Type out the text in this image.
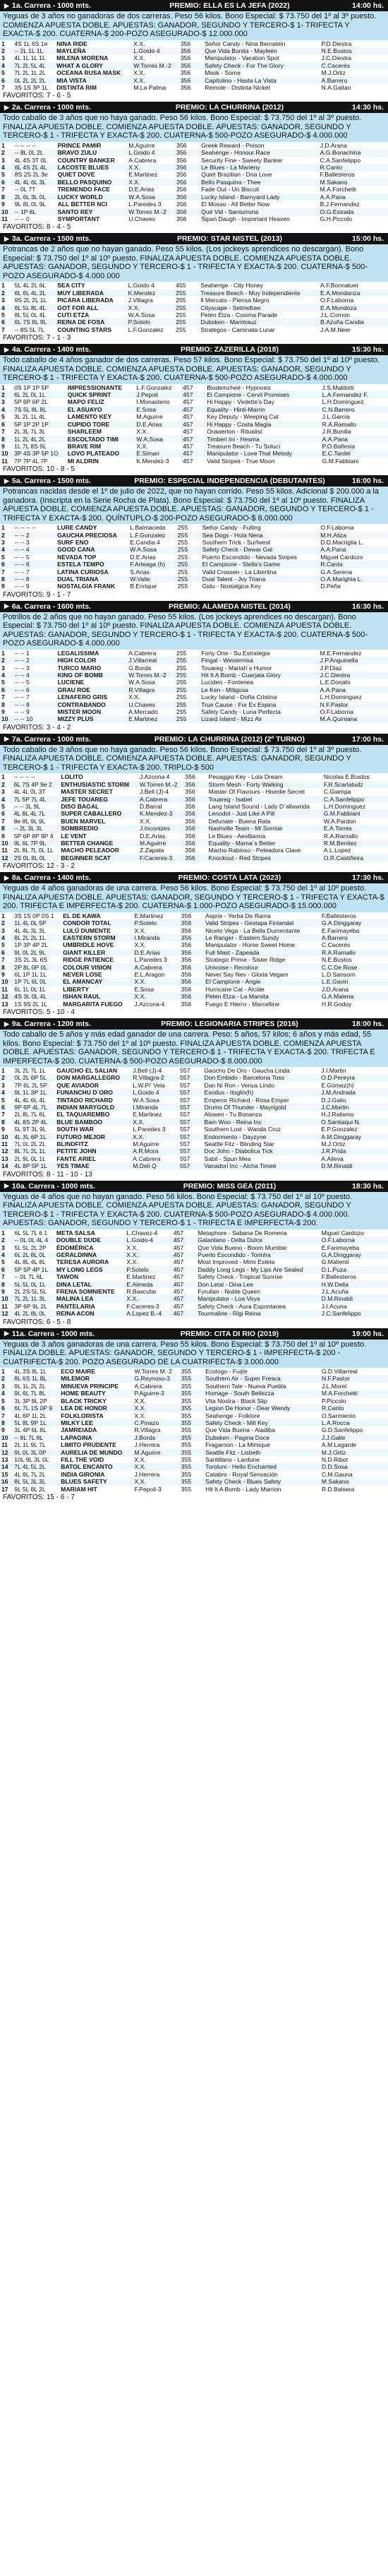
▶ 1a. Carrera - 1000 mts.	PREMIO: ELLA ES LA JEFA (2022)	14:00 hs.
Yeguas de 3 años no ganadoras de dos carreras. Peso 56 kilos. Bono Especial: $ 73.750 del 1º al 3º puesto. COMIENZA APUESTA DOBLE. APUESTAS: GANADOR, SEGUNDO Y TERCERO-$ 1- TRIFECTA Y EXACTA-$ 200. CUATERNA-$ 200-POZO ASEGURADO-$ 12.000.000
1	4S 1L 6S 1e	NINA RIDE	X.X.	356	Señor Candy - Nina Bernstein	P.D.Diestra
2	-- 2L 1L 1L	MAYLEÑA	L.Goido 4	356	Que Vida Bonita - Mayleen	N.E.Bustos
3	4L 1L 1L 1L	MILENA MORENA	X.X.	356	Manipulator - Vacation Spot	J.C.Diestra
4	7L 2L 5L 4L	WHAT A GLORY	W.Torres M.-2	356	Safety Check - For The Glory	C.Cacerès
5	7L 2L 1L 2L	OCEANA RUSA MASK	X.X.	356	Mask - Some	M.J.Ortiz
6	0L 2L 2L 2L	MIA VISTA	X.X.	356	Capitolino - Hasta La Vista	A.Barrero
7	3S 1S 3P 1L	DISTINTA RIM	M.La Palma	356	Remote - Distinta Nickel	N.A.Gaitan
FAVORITOS: 7 - 6 - 5
▶ 2a. Carrera - 1000 mts.	PREMIO: LA CHURRINA (2012)	14:30 hs.
Todo caballo de 3 años que no haya ganado. Peso 56 kilos. Bono Especial: $ 73.750 del 1º al 3º puesto. FINALIZA APUESTA DOBLE. COMIENZA APUESTA DOBLE. APUESTAS: GANADOR, SEGUNDO Y TERCERO-$ 1 - TRIFECTA Y EXACTA-$ 200. CUATERNA-$ 500-POZO ASEGURADO-$ 4.000.000
1	-- -- -- --	PRINCE PAMIR	M.Aguirre	356	Greek Reward - Poison	J.D.Arana
2	-- 8L 0L 2L	BRAVO ZULU	L.Goido 4	356	Seahenge - Honour Race	A.G.Bonachina
3	4L 4S 3T 0L	COUNTRY BANKER	A.Cabrera	356	Security Fine - Sweety Banker	C.A.Sanfelippo
4	6L 4S 2L 4L	LACOSTE BLUES	X.X.	356	Le Blues - La Marieny	R.Canto
5	8S 2S 2L 3e	QUIET DOVE	E.Martinez	356	Quiet Brazilian - Dna Love	F.Ballesteros
6	4L 4L 6L 3L	BELLO PASQUINO	X.X.	356	Bello Pasquino - Thee	M.Sakano
7	-- 0L 7T	TREMENDO FACE	D.E.Arias	356	Fade Out - Un Biscuit	M.A.Forchetti
8	2L 6L 3L 0L	LUCKY WORLD	W.A.Sosa	356	Lucky Island - Barnyard Lady	A.A.Pana
9	9L 8L 0L 9L	ALL BETTER NCI	L.Paredes 3	356	El Mosso - All Better Now	B.J.Fernandez
10	-- 1P 6L	SANTO REY	W.Torres M.-2	356	Qué Vid - Santurrona	O.G.Estrada
11	-- -- 0	SYMPORTANT	U.Chaves	356	Sipan Daugh - Important Heaven	G.H.Piccolo
FAVORITOS: 8 - 4 - 5
▶ 3a. Carrera - 1500 mts.	PREMIO: STAR NISTEL (2013)	15:00 hs.
Potrancas de 2 años que no hayan ganado. Peso 55 kilos. (Los jockeys aprendices no descargan). Bono Especial: $ 73.750 del 1º al 10º puesto. FINALIZA APUESTA DOBLE. COMIENZA APUESTA DOBLE. APUESTAS: GANADOR, SEGUNDO Y TERCERO-$ 1 - TRIFECTA Y EXACTA-$ 200. CUATERNA-$ 500-POZO ASEGURADO-$ 4.000.000
1	5L 4L 2L 6L	SEA CITY	L.Goido 4	455	Seahenge - City Honey	A.F.Bonnatuer
2	6L 6L 4L 2L	MUY LIBERADA	K.Mendez	255	Treasure Beach - Muy Independiente	E.A.Mondanza
3	9S 2L 2L 1L	PICARA LIBERADA	J.Villagra	255	Il Mercato - Piensa Negro	O.F.Laborna
4	6L 5L 8L 4L	GOT FOR ALL	X.X.	255	Cityscape - Setmefree	E.A.Mondoza
5	8L 5L 0L 4L	CUTI ETZA	W.A.Sosa	255	Peten Etza - Cosima Parade	J.L.Cornon
6	6L 7S 8L 9L	REINA DE FOSA	P.Sotelo	255	Dubsken - Mamtrauz	B.Azuña Candia
7	-- 8S 5L 7L	COUNTING STARS	L.F.Gonzalez	255	Strategos - Caminata Lunar	J.A.M.Neer
FAVORITOS: 7 - 1 - 3
▶ 4a. Carrera - 1400 mts.	PREMIO: ZAZERILLA (2018)	15:30 hs.
Todo caballo de 4 años ganador de dos carreras. Peso 57 kilos. Bono Especial: $ 73.750 del 1º al 10º puesto. FINALIZA APUESTA DOBLE. COMIENZA APUESTA DOBLE. APUESTAS: GANADOR, SEGUNDO Y TERCERO-$ 1 - TRIFECTA Y EXACTA-$ 200. CUATERNA-$ 500-POZO ASEGURADO-$ 4.000.000
1	0S 1P 1P 5P	IMPRESSIONANTE	L.F.Gonzalez	457	Biodemcheé - Hypnosis	J.S.Maldotti
2	6L 2L 0L 1L	QUICK SPRINT	J.Pepoli	457	El Campione - Cervil Promises	L.A.Fernandez F.
3	5P 6P 6P 2L	MAPO FELIZ	I.Monasterio	457	Hi Happy - Vedette's Day	L.H.Dominguez
4	7S 5L 8L 8L	EL ASUAYO	E.Sosa	457	Equality - Hinti-Marrin	C.N.Barrero
5	3L 2L 1L 4L	LAMENTO KEY	M.Aguirre	457	Key Deputy - Weeping Cat	J.L.Garcia
6	5P 1P 2P 1P	CUPIDO TORE	D.E.Arias	457	Hi Happy - Costa Magia	R.A.Ramallo
7	2L 3L 7L 3L	SHARLEEM	X.X.	457	Orawerton - Ritualist	J.R.Bunilla
8	1L 2L 4L 2L	ESCOLTADO TIMI	W.A.Sosa	457	Timberi Ini - Hesma	A.A.Pana
9	1L 7L 8S 9L	BRAVE RIM	X.X.	457	Treasure Beach - Tu Solucí	P.O.Baltesia
10	3P 4S 3P 5P 1O	LOVO PLATEADO	E.Simari	457	Manipulator - Love That Melody	E.C.Tardel
11	7P 7P 4L 7P	MI ALDRIN	K.Mendez-3	457	Valid Stripes - True Moon	G.M.Fabbiani
FAVORITOS: 10 - 8 - 5
▶ 5a. Carrera - 1500 mts.	PREMIO: ESPECIAL INDEPENDENCIA (DEBUTANTES)	16:00 hs.
Potrancas nacidas desde el 1º de julio de 2022, que no hayan corrido. Peso 55 kilos. Adicional $ 200.000 a la ganadora. (Inscripta en la Serie Rocha de Plata). Bono Especial: $ 73.750 del 1º al 10º puesto. FINALIZA APUESTA DOBLE. COMIENZA APUESTA DOBLE. APUESTAS: GANADOR, SEGUNDO Y TERCERO-$ 1 - TRIFECTA Y EXACTA-$ 200. QUÍNTUPLO-$ 200-POZO ASEGURADO-$ 8.000.000
1	-- -- -- --	LURE CANDY	L.Balmaceda	255	Señor Candy - Fulling	O.F.Laborna
2	-- -- 2	GAUCHA PRECIOSA	L.F.Gonzalez	255	Sea Dogs - Hola Nena	M.H.Aliza
3	-- -- 3	SURF ENO	E.Candia 4	255	Southern Trick - Surfwest	D.D.Macriglia L.
4	-- -- 4	GOOD CANA	W.A.Sosa	255	Safety Check - Dewar Gal	A.A.Pana
5	-- -- 5	NEVADA TOP	D.E.Arias	255	Puerto Escondido - Nevada Stripes	Miguel Cardozo
6	-- -- 6	ESTELA TEMPO	F.Arteaga (h)	255	El Campione - Stella's Game	R.Canto
7	-- -- 7	LATINA CURIOSA	S.Arias	255	Valid Crossen - La Libertina	G.A.Serena
8	-- -- 8	DUAL TRIANA	W.Valle	255	Dual Talent - Jvy Triana	O.A.Marighia L.
9	-- -- 9	NOSTALGIA FRANK	B.Enrique	255	Gidu - Nostalgica Key	D.Peña
FAVORITOS: 9 - 1 - 7
▶ 6a. Carrera - 1600 mts.	PREMIO: ALAMEDA NISTEL (2014)	16:30 hs.
Potrillos de 2 años que no hayan ganado. Peso 55 kilos. (Los jockeys aprendices no descargan). Bono Especial: $ 73.750 del 1º al 10º puesto. FINALIZA APUESTA DOBLE. COMIENZA APUESTA DOBLE. APUESTAS: GANADOR, SEGUNDO Y TERCERO-$ 1 - TRIFECTA Y EXACTA-$ 200. CUATERNA-$ 500-POZO ASEGURADO-$ 4.000.000
1	-- -- 1	LEGALISSIMA	A.Cabrera	255	Forty One - Su Estrategia	M.E.Fernandez
2	-- -- 2	HIGH COLOR	J.Villarreal	255	Fingal - Westernisa	J.P.Anguinella
3	-- -- 3	TURCO MARIO	G.Borda	255	Touareg - Mariah´s Humor	J.P.Diaz
4	-- -- 4	KING OF BOMB	W.Torres M.-2	255	Hit It A Bomb - Cuarjata Glory	J.C.Diestra
5	-- -- 5	LUCIENE	W.A.Sosa	255	Luciden - Fontenea	L.E.Donato
6	-- -- 6	GRAU ROE	R.Villagra	255	Le Ken - Mitigosa	A.A.Pana
7	-- -- 7	LENAFERO GRIS	X.X.	255	Lucky Island - Doña Cristina	L.H.Dominguez
8	-- -- 8	CONTRABANDO	U.Chaves	255	True Cause - For Ex Espina	N.F.Pastor
9	-- -- 9	MISTER MOON	A.Mercado	255	Safety Candy - Luna Perfecta	O.F.Laborna
10	-- -- 10	MIZZY PLUS	E.Martinez	255	Lizard Island - Mizz Air	M.A.Quintana
FAVORITOS: 3 - 4 - 2
▶ 7a. Carrera - 1000 mts.	PREMIO: LA CHURRINA (2012) (2º TURNO)	17:00 hs.
Todo caballo de 3 años que no haya ganado. Peso 56 kilos. Bono Especial: $ 73.750 del 1º al 3º puesto. FINALIZA APUESTA DOBLE. COMIENZA APUESTA DOBLE. APUESTAS: GANADOR, SEGUNDO Y TERCERO-$ 1 - TRIFECTA Y EXACTA-$ 200. TRIPLO-$ 500
1	-- -- -- --	LOLITO	J.Azcona 4	356	Pesaggio Key - Lola Dream	Nicolas E.Bustos
2	6L 7S 4P 9e 2	ENTHUSIASTIC STORM	W.Torres M.-2	356	Storm Mesh - Forty Walking	F.R.Scarlatudz
3	4L 4L 0L 3T	MASTER SECRET	J.Bell (J)-4	356	Master Of Flavours - Hisedie Secret	C.Giampa
4	7L 5P 7L 4L	JEFE TOUAREG	A.Cabrera	356	Touareg - Isabel	C.A.Sanfelippo
5	-- -- 3L 9L	DISO BAGAL	D.Barral	356	Lang Island Sound - Lady D´allawrida	L.H.Dominguez
6	4L 8L 4L 7L	SUPER CABALLERO	K.Mendez-3	356	Lenodot - Just Like A Pill	G.M.Fabbiani
7	8e 8L 9L 9L	BUEN MARVEL	X.X.	356	Defunate - Buena Rata	W.A.Pardon
8	-- 2L 3L 3L	SOMBREDIO	J.Inconizes	356	Nashville Team - Mi Sorriúe	E.A.Torres
9	5P 6P 8P 9P 4	LE VENT	D.E.Arias	356	Le Blues - Aeollianna	R.A.Ramallo
10	9L 6L 7P 9L	BETTER CHANGE	M.Aguirre	356	Equality - Mama´s Better	R.M.Benitez
11	2L 8L 7L 0L 1L	MACHO PELEADOR	Z.Zapata	356	Macho Rabioso - Peleadora Clave	A.L.Lopez
12	2S 0L 8L 0L	BEGINNER SCAT	F.Caceres-3	356	Knockout - Red Stripes	O.R.Castiñeira
FAVORITOS: 12 - 3 - 2
▶ 8a. Carrera - 1400 mts.	PREMIO: COSTA LATA (2023)	17:30 hs.
Yeguas de 4 años ganadoras de una carrera. Peso 56 kilos. Bono Especial: $ 73.750 del 1º al 10º puesto. FINALIZA APUESTA DOBLE. APUESTAS: GANADOR, SEGUNDO Y TERCERO-$ 1 - TRIFECTA Y EXACTA-$ 200. TRIFECTA E IMPERFECTA-$ 200. CUATERNA-$ 1.000-POZO ASEGURADO-$ 15.000.000
1	3S 1S 0P 0S 1	EL DE KAWA	E.Martinez	356	Asprie - Yerba De Rama	F.Ballesteros
2	1L 4L 0L 5P	CONDOR TOTAL	P.Sotelo	356	Valid Stripes - Gestapa Finlandal	G.A.Dinggaray
3	4L 4L 3L 3L	LULÚ DUMENTE	X.X.	356	Niceto Vega - La Bella Dumentante	E.Farimayeba
4	8L 2L 2L 1L	EASTERN STORM	I.Miranda	356	Le Ranger - Eastern Sundy	A.Barrero
5	1P 3P 4P 2L	UMBRIDLE HOVE	X.X.	356	Manipulator - Home Sweet Home	C.Cacerès
6	9L 0L 2L 9L	GIANT KILLER	D.E.Arias	356	Full Mast - Zapeada	R.A.Ramallo
7	3S 2L 3L 6S	RIDGE PATIENCE	L.Paredes 3	356	Strategic Prime - Sister Ridge	N.E.Bustos
8	2P 8L 0P 0L	COLOUR VISION	A.Cabrera	356	Univoise - Recolour	C.C.De Rose
9	6L 1P 1L 1L	NEVER LOSE	E.L.Aragon	356	Never Say Nev - Gloria Vegam	L.D.Sansorn
10	1P 7L 6L 0L	EL AMANCAY	X.X.	356	El Campione - Angie	L.E.Gaviri
11	6L 1L 0L 1L	LIBERTY	E.Sosa	356	Hurricane Cat - Alcide	J.D.Arana
12	4S 3L 0L 4L	ISHAN RAUL	X.X.	356	Peten Etza - La Mamita	G.A.Malena
13	1S 9S 2L 1L	MARGARITA FUEGO	J.Azcona-4	356	Fuego E Hierro - Marcelline	H.R.Godoy
FAVORITOS: 5 - 10 - 4
▶ 9a. Carrera - 1200 mts.	PREMIO: LEGIONARIA STRIPES (2016)	18:00 hs.
Todo caballo de 5 años y más edad ganador de una carrera. Peso: 5 años, 57 kilos; 6 años y más edad, 55 kilos. Bono Especial: $ 73.750 del 1º al 10º puesto. FINALIZA APUESTA DOBLE. COMIENZA APUESTA DOBLE. APUESTAS: GANADOR, SEGUNDO Y TERCERO-$ 1 - TRIFECTA Y EXACTA-$ 200. TRIFECTA E IMPERFECTA-$ 200. CUATERNA-$ 500-POZO ASEGURADO-$ 8.000.000
1	3L 2L 7L 1L	GAUCHO EL SALIAN	J.Bell (J)-4	557	Gaúcho De Oro - Gaucha Linda	J.I.Martin
2	0L 2L 6P 5L	DON MARGALLEGRO	R.Villagra-2	557	Don Embido - Barcelona Toss	O.D.Pereyra
3	7P 6L 2L 5P	QUE AVIADOR	L.W.Pi' Vela	557	Dan Ni Ron - Venus Lindo	E.Gómez(h)
4	9L 1L 3P 1L	FUNANCHU D´ORO	L.Goido 4	557	Exodus - Itoglin(h)	J.M.Andrada
5	4L 4L 6L 4L	TINTADO RICHARD	W.A.Sosa	557	Emperor Richard - Rosa Emper	D.J.Galio
6	9P 6P 4L 7L	INDIAN MARYGOLD	I.Miranda	557	Drums Of Thunder - Mayrigold	J.C.Martin
7	2L 8L 7L 6L	EL TAQUAREMBO	E.Martinez	557	Alowen - Tu Bonanza	H.J.Ralismo
8	4L 8S 2P 4L	BLUE BAMBOO	X.X.	557	Bam Woo - Reina Inc	O.Santiaqui N.
9	5L 9T 3L 9L	SOUTH WAR	L.Paredes 3	557	Southern Lost - Wanda Cruz	E.P.Gonzalez
10	4L 3L 6P 1L	FUTURO MEJOR	X.X.	557	Endormento - Dayzyne	A.M.Dinggaray
11	7L 0L 2L 2L	BLINDFITZ	M.Aguirre	557	Seattle Fitz - Blinding Star	M.J.Ortiz
12	8L 7L 2L 1L	PETITE JOHN	A.R.Mora	557	Doc John - Diabolica Tick	J.R.Prida
13	2L 9L 0L 1L	FANTE ARIEL	A.Cabrera	557	Sabil - Spun Mea	A.Alleva
14	4L 8P 5P 1L	YES TIMAE	M.Deli Q	557	Vanadori Inc - Alcha Timeé	D.M.Rinaldi
FAVORITOS: 8 - 11 - 10 - 13
▶ 10a. Carrera - 1000 mts.	PREMIO: MISS GEA (2011)	18:30 hs.
Yeguas de 4 años que no hayan ganado. Peso 56 kilos. Bono Especial: $ 73.750 del 1º al 10º puesto. FINALIZA APUESTA DOBLE. COMIENZA APUESTA DOBLE. APUESTAS: GANADOR, SEGUNDO Y TERCERO-$ 1 - TRIFECTA Y EXACTA-$ 200. CUATERNA-$ 500-POZO ASEGURADO-$ 4.000.000. APUESTAS: GANADOR, SEGUNDO Y TERCERO-$ 1 - TRIFECTA E IMPERFECTA-$ 200.
1	6L 5L 7L 6 1	META SALSA	L.Chavez-4	457	Metaphore - Sabana De Romeria	Miguel Cardozo
2	-- 0L 0L 4L 4	DOUBLE DUDE	L.Goido-4	457	Galantano - Delta Dulce	O.F.Laborna
3	5L 5L 2L 2P	ÉDOMÉRICA	X.X.	457	Que Vida Bueno - Boom Mumbie	E.Farimayeba
4	6L 2L 8L 0L	GERALDINNA	X.X.	457	Puerto Escondido - Torinha	G.A.Dinggaray
5	4L 8L 4L 8L	TERESA AURORA	X.X.	457	Most Improved - Mimi Estela	G.Malienti
6	5P 5P 4P 1L	MY LONG LEGS	P.Sotelo	457	Daddy Long Legs - My Lips Are Sealed	D.L.Puza
7	-- 0L 7L 6L	TAWON	E.Martinez	457	Safety Check - Tropical Sunrise	F.Ballesteros
8	5L 5L 0L 1L	DINA LETAL	E.Almeda	457	Don Letal - Dina Lee	H.W.Della
9	2L 2S 5L 5L	FRENA SOMNIENTE	R.Bascufar	457	Fyrullan - Noble Queen	J.L.Acuña
10	7L 2L 1L 3L	MALINA LEA	X.X.	457	Manipulator - Loa Voya	D.M.Rinaldi
11	3P 6P 9L 2L	PANTELARIA	F.Caceres-3	457	Safety Check - Aura Espontanea	J.I.Acuna
12	4L 2L 8L 0L	REINA ACON	A.Lopez B.-4	457	Tourmaline - Rigi Reina	J.C.Sanfelippo
FAVORITOS: 6 - 5 - 8
▶ 11a. Carrera - 1000 mts.	PREMIO: CITA DI RIO (2019)	19:00 hs.
Yeguas de 3 años ganadoras de una carrera. Peso 55 kilos. Bono Especial: $ 73.750 del 1º al 10º puesto. FINALIZA DOBLE. APUESTAS: GANADOR, SEGUNDO Y TERCERO-$ 1 - IMPERFECTA-$ 200 - CUATRIFECTA-$ 200. POZO ASEGURADO DE LA CUATRIFECTA-$ 3.000.000
1	4L 3S 8L 1L	ECO MAIRE	W.Torres M.-2	355	Ecologo - Fuijte	G.D.Villarreal
2	8L 6S 1L 8L	MILEMOR	G.Reynoso-3	355	Southern Air - Super Fresca	N.F.Pastor
3	9L 1L 2L 2L	MINUEVA PRINCIPE	A.Cabrera	355	Southern Tale - Nueva Puebla	J.L.Morel
4	9L 6L 7L 8L	HOME BEAUTY	P.Aguirre-3	355	Homage - South Bellezza	M.A.Forchetti
5	3L 3P 8L 2P	BLACK TRICKY	X.X.	355	Vita Nostra - Black Slip	P.Piccolo
6	6L 7L 1S 0P 9	LEA DE HONOR	X.X.	355	Legion De Honor - Dear Wendy	R.Canto
7	4L 6P 1L 2L	FOLKLORISTA	X.X.	355	Seahenge - Folklore	O.Sarmiento
8	5L 8L 9P 1L	MILKY LEE	C.Pinazo	355	Safety Check - Mili Key	L.A.Rocca
9	3L 4P 6L 8L	JAMREIADA	R.Villagra	355	Que Vida Buena - Aladiba	G.D.Sanfelippo
10	-- 8L 7L 8L	LAPAGINA	J.Borda	355	Dubsken - Pagina Doce	J.J.Galie
11	2L 1L 9L 7L	LIMITO PRUDENTE	J.Herrera	355	Fragaroon - La Mimique	A.M.Lagarde
12	9L 0L 3L 0P	AURELIA DE MUNDO	M.Aguirre	355	Seattle Fitz - Lisbeth	M.J.Ortiz
13	10L 9L 3L 0L	FILL THE VOID	X.X.	355	Santillano - Lardune	N.D.Ribot
14	7L 4L 5L 2L	BATOL ENCANTO	X.X.	355	Toroluni - Hello Enchanted	D.D.Sosa
15	4L 6L 7L 2L	INDIA GIRONIA	J.Herrera	355	Catabro - Royal Sensación	C.M.Gauna
16	8L 5L 3L 3L	BLUES SAFETY	X.X.	355	Safety Check - Blues Safety	M.Sakano
17	9L 5L 8L 2L	MARIAM HIT	F.Pepoli-3	355	Hit It A Bomb - Lady Marrion	R.D.Balsera
FAVORITOS: 15 - 6 - 7
